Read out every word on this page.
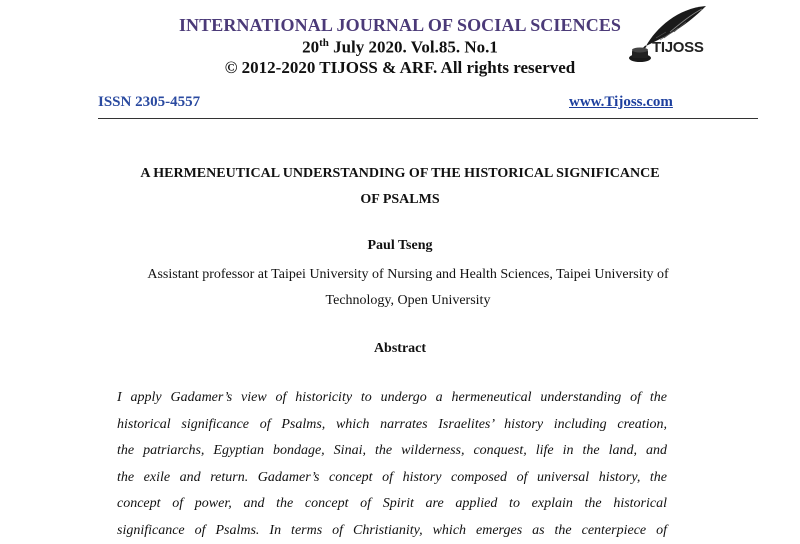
INTERNATIONAL JOURNAL OF SOCIAL SCIENCES
20th July 2020. Vol.85. No.1
© 2012-2020 TIJOSS & ARF. All rights reserved
TIJOSS
ISSN 2305-4557	www.Tijoss.com
A HERMENEUTICAL UNDERSTANDING OF THE HISTORICAL SIGNIFICANCE
OF PSALMS
Paul Tseng
Assistant professor at Taipei University of Nursing and Health Sciences, Taipei University of
Technology, Open University
Abstract
I apply Gadamer’s view of historicity to undergo a hermeneutical understanding of the
historical significance of Psalms, which narrates Israelites’ history including creation,
the patriarchs, Egyptian bondage, Sinai, the wilderness, conquest, life in the land, and
the exile and return. Gadamer’s concept of history composed of universal history, the
concept of power, and the concept of Spirit are applied to explain the historical
significance of Psalms. In terms of Christianity, which emerges as the centerpiece of
